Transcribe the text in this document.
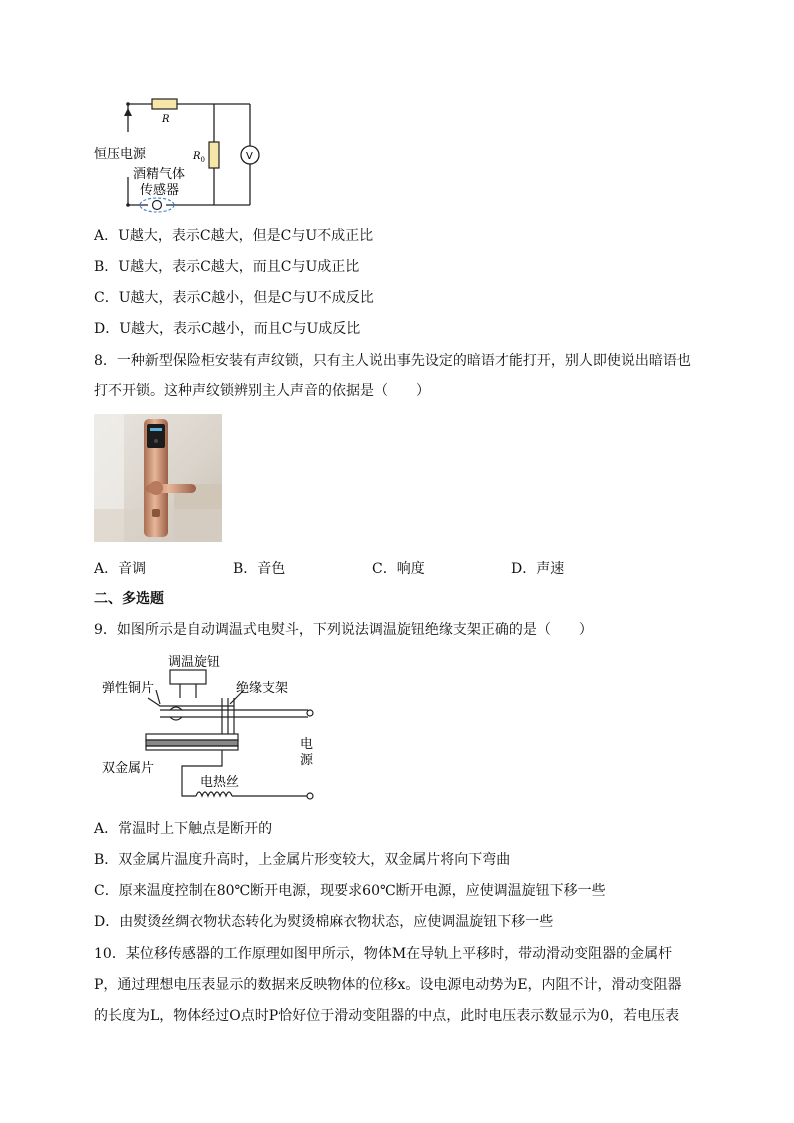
R
$R_0$	V
恒压电源
酒精气体
传感器
A．U越大，表示C越大，但是C与U不成正比
B．U越大，表示C越大，而且C与U成正比
C．U越大，表示C越小，但是C与U不成反比
D．U越大，表示C越小，而且C与U成反比
8．一种新型保险柜安装有声纹锁，只有主人说出事先设定的暗语才能打开，别人即使说出暗语也
打不开锁。这种声纹锁辨别主人声音的依据是（　　）
A．音调	B．音色	C．响度	D．声速
二、多选题
9．如图所示是自动调温式电熨斗，下列说法调温旋钮绝缘支架正确的是（　　）
调温旋钮
弹性铜片	绝缘支架
电
源
双金属片
电热丝
A．常温时上下触点是断开的
B．双金属片温度升高时，上金属片形变较大，双金属片将向下弯曲
C．原来温度控制在80℃断开电源，现要求60℃断开电源，应使调温旋钮下移一些
D．由熨烫丝绸衣物状态转化为熨烫棉麻衣物状态，应使调温旋钮下移一些
10．某位移传感器的工作原理如图甲所示，物体M在导轨上平移时，带动滑动变阻器的金属杆
P，通过理想电压表显示的数据来反映物体的位移x。设电源电动势为E，内阻不计，滑动变阻器
的长度为L，物体经过O点时P恰好位于滑动变阻器的中点，此时电压表示数显示为0，若电压表
